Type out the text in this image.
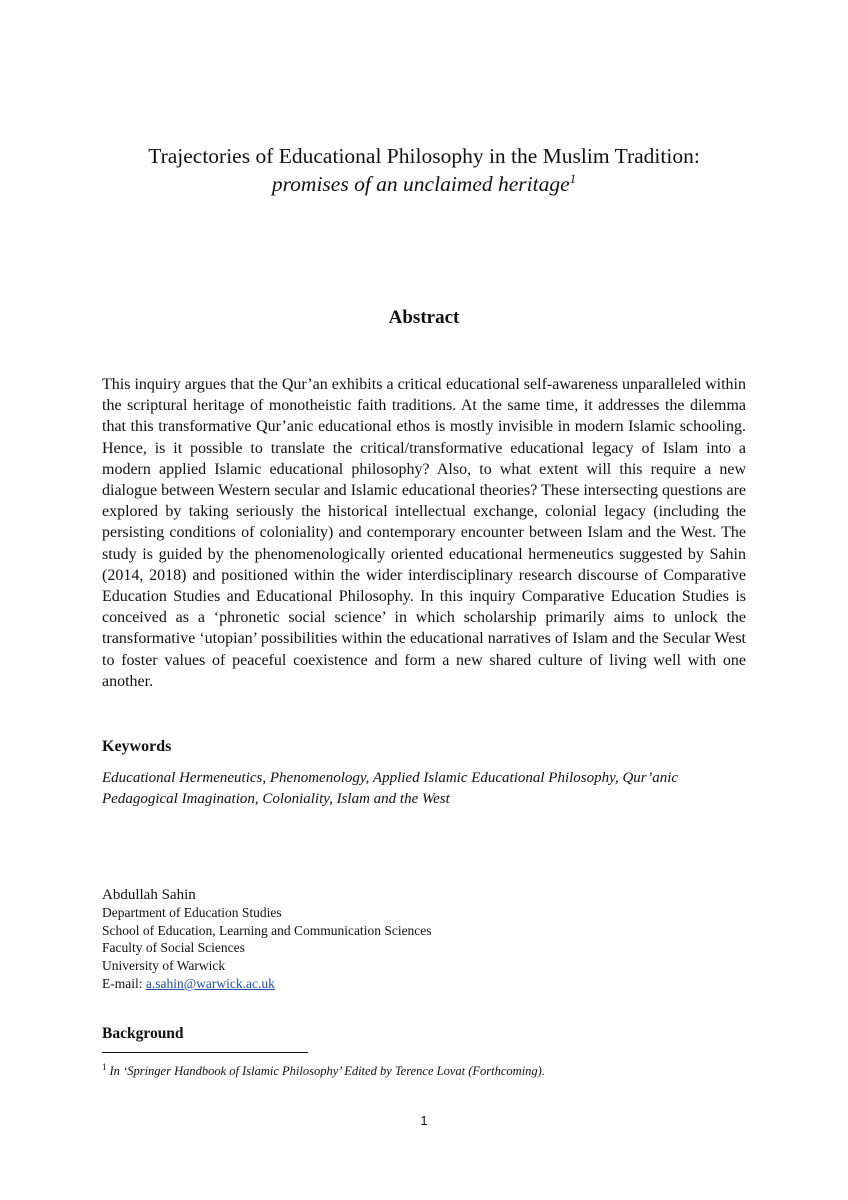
Trajectories of Educational Philosophy in the Muslim Tradition:
promises of an unclaimed heritage$^1$
Abstract
This inquiry argues that the Qur’an exhibits a critical educational self-awareness unparalleled within the scriptural heritage of monotheistic faith traditions. At the same time, it addresses the dilemma that this transformative Qur’anic educational ethos is mostly invisible in modern Islamic schooling. Hence, is it possible to translate the critical/transformative educational legacy of Islam into a modern applied Islamic educational philosophy? Also, to what extent will this require a new dialogue between Western secular and Islamic educational theories? These intersecting questions are explored by taking seriously the historical intellectual exchange, colonial legacy (including the persisting conditions of coloniality) and contemporary encounter between Islam and the West. The study is guided by the phenomenologically oriented educational hermeneutics suggested by Sahin (2014, 2018) and positioned within the wider interdisciplinary research discourse of Comparative Education Studies and Educational Philosophy. In this inquiry Comparative Education Studies is conceived as a ‘phronetic social science’ in which scholarship primarily aims to unlock the transformative ‘utopian’ possibilities within the educational narratives of Islam and the Secular West to foster values of peaceful coexistence and form a new shared culture of living well with one another.
Keywords
Educational Hermeneutics, Phenomenology, Applied Islamic Educational Philosophy, Qur’anic Pedagogical Imagination, Coloniality, Islam and the West
Abdullah Sahin
Department of Education Studies
School of Education, Learning and Communication Sciences
Faculty of Social Sciences
University of Warwick
E-mail: a.sahin@warwick.ac.uk
Background
$^1$ In ‘Springer Handbook of Islamic Philosophy’ Edited by Terence Lovat (Forthcoming).
1
